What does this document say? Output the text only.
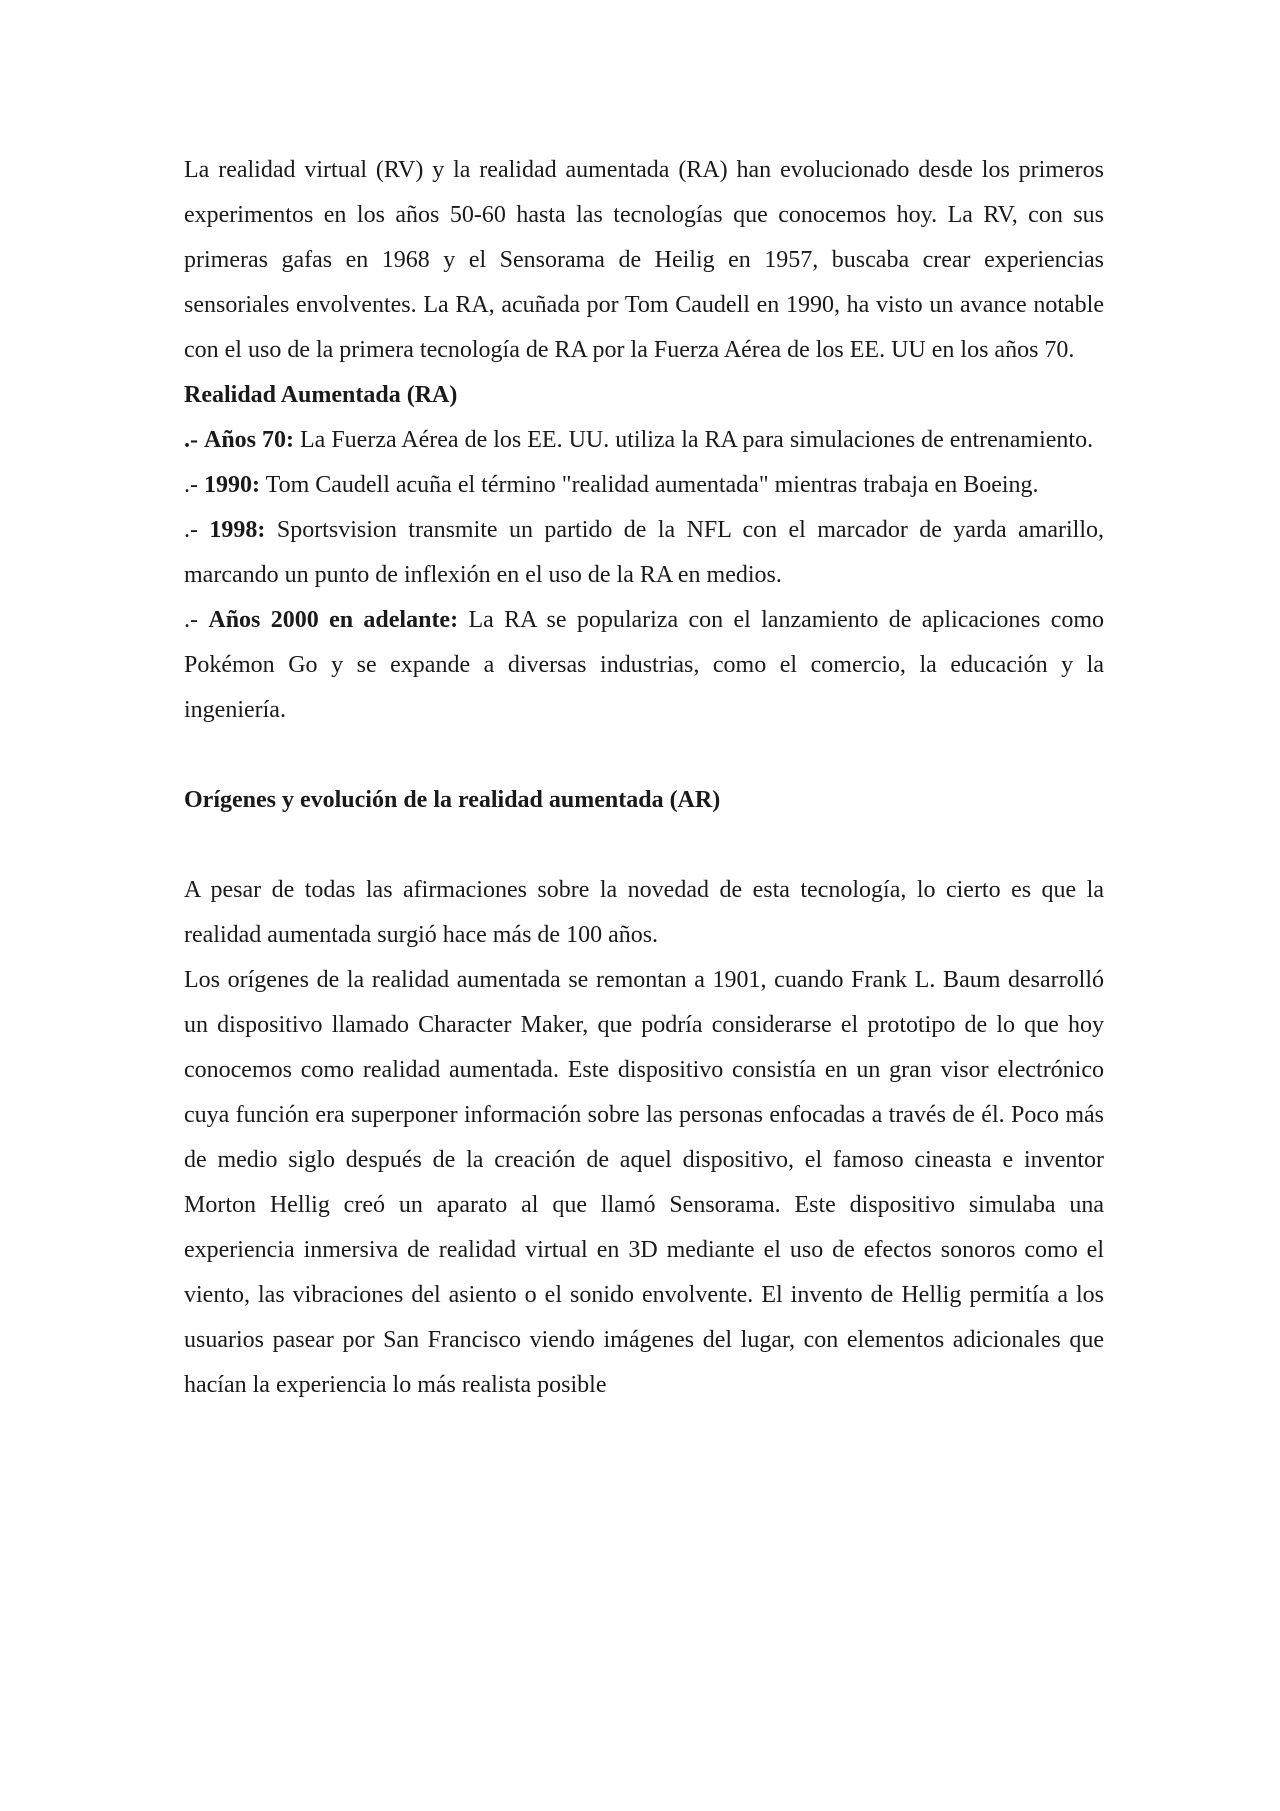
La realidad virtual (RV) y la realidad aumentada (RA) han evolucionado desde los primeros experimentos en los años 50-60 hasta las tecnologías que conocemos hoy. La RV, con sus primeras gafas en 1968 y el Sensorama de Heilig en 1957, buscaba crear experiencias sensoriales envolventes. La RA, acuñada por Tom Caudell en 1990, ha visto un avance notable con el uso de la primera tecnología de RA por la Fuerza Aérea de los EE. UU en los años 70.

Realidad Aumentada (RA)

.- Años 70: La Fuerza Aérea de los EE. UU. utiliza la RA para simulaciones de entrenamiento.

.- 1990: Tom Caudell acuña el término "realidad aumentada" mientras trabaja en Boeing.

.- 1998: Sportsvision transmite un partido de la NFL con el marcador de yarda amarillo, marcando un punto de inflexión en el uso de la RA en medios.

.- Años 2000 en adelante: La RA se populariza con el lanzamiento de aplicaciones como Pokémon Go y se expande a diversas industrias, como el comercio, la educación y la ingeniería.

Orígenes y evolución de la realidad aumentada (AR)

A pesar de todas las afirmaciones sobre la novedad de esta tecnología, lo cierto es que la realidad aumentada surgió hace más de 100 años.

Los orígenes de la realidad aumentada se remontan a 1901, cuando Frank L. Baum desarrolló un dispositivo llamado Character Maker, que podría considerarse el prototipo de lo que hoy conocemos como realidad aumentada. Este dispositivo consistía en un gran visor electrónico cuya función era superponer información sobre las personas enfocadas a través de él. Poco más de medio siglo después de la creación de aquel dispositivo, el famoso cineasta e inventor Morton Hellig creó un aparato al que llamó Sensorama. Este dispositivo simulaba una experiencia inmersiva de realidad virtual en 3D mediante el uso de efectos sonoros como el viento, las vibraciones del asiento o el sonido envolvente. El invento de Hellig permitía a los usuarios pasear por San Francisco viendo imágenes del lugar, con elementos adicionales que hacían la experiencia lo más realista posible
